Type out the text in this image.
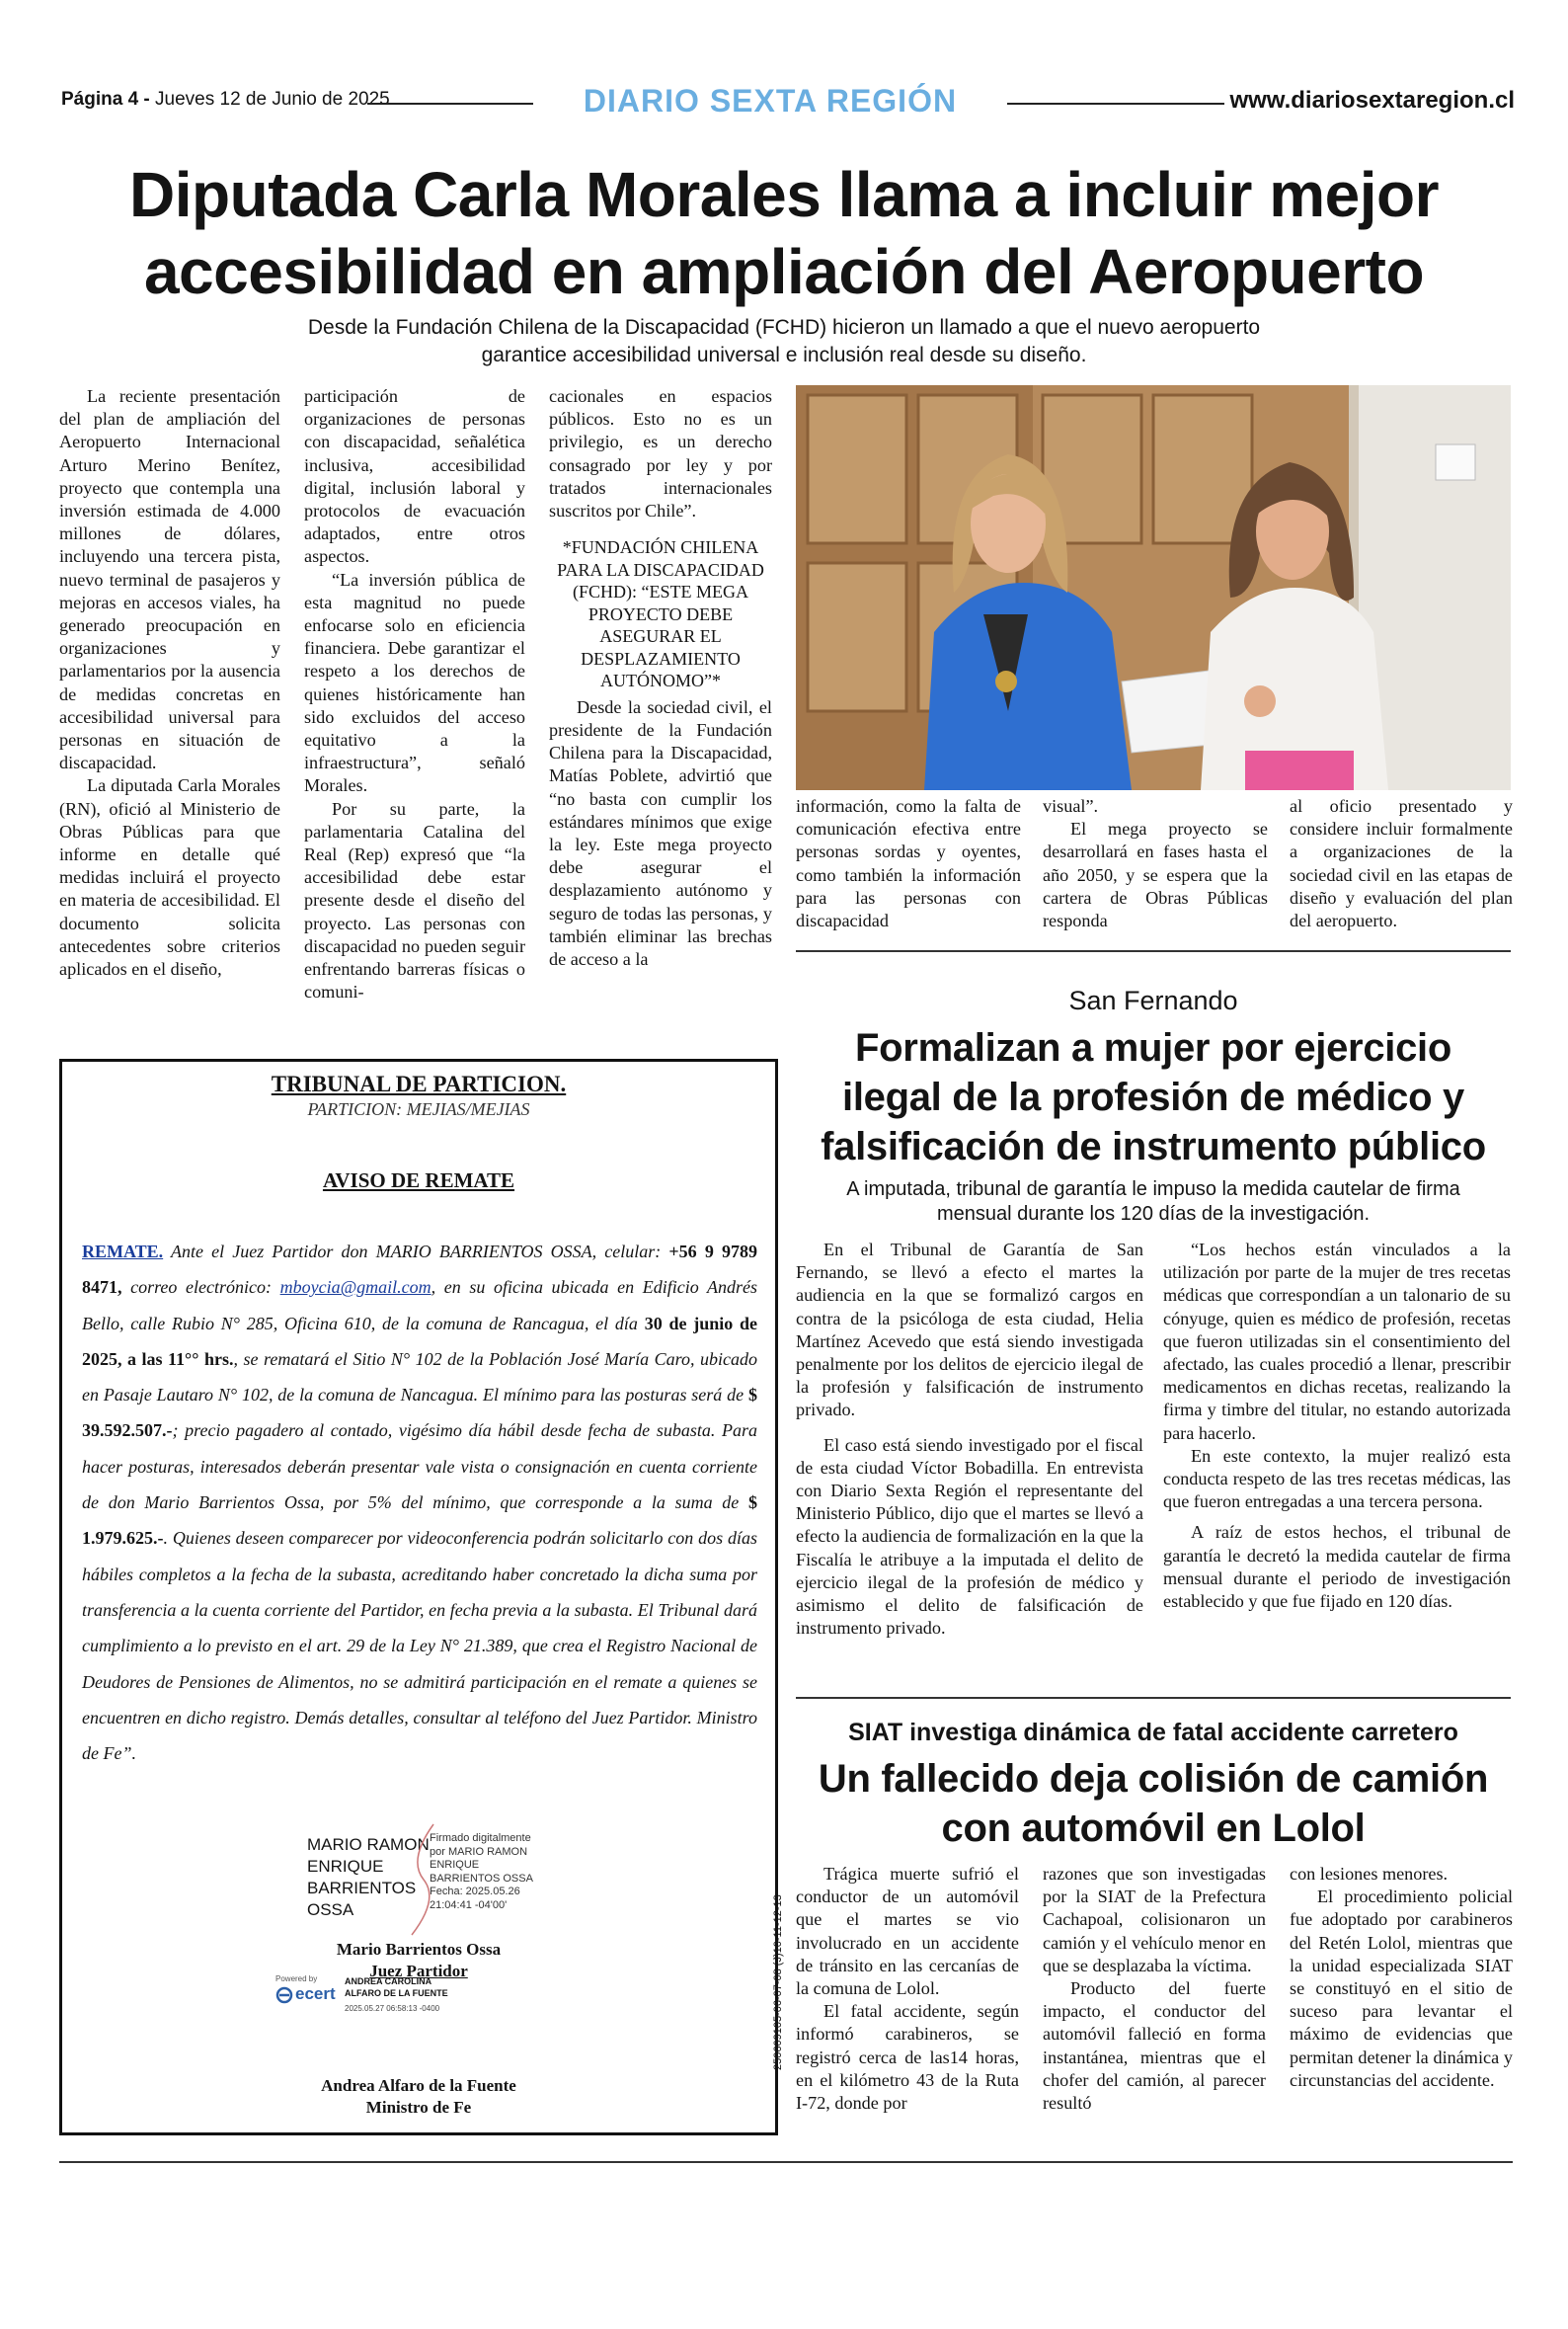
Página 4 - Jueves 12 de Junio de 2025	DIARIO SEXTA REGIÓN	www.diariosextaregion.cl
Diputada Carla Morales llama a incluir mejor
accesibilidad en ampliación del Aeropuerto
Desde la Fundación Chilena de la Discapacidad (FCHD) hicieron un llamado a que el nuevo aeropuerto
garantice accesibilidad universal e inclusión real desde su diseño.

La reciente presentación del plan de ampliación del Aeropuerto Internacional Arturo Merino Benítez, proyecto que contempla una inversión estimada de 4.000 millones de dólares, incluyendo una tercera pista, nuevo terminal de pasajeros y mejoras en accesos viales, ha generado preocupación en organizaciones y parlamentarios por la ausencia de medidas concretas en accesibilidad universal para personas en situación de discapacidad.

La diputada Carla Morales (RN), ofició al Ministerio de Obras Públicas para que informe en detalle qué medidas incluirá el proyecto en materia de accesibilidad. El documento solicita antecedentes sobre criterios aplicados en el diseño,

participación de organizaciones de personas con discapacidad, señalética inclusiva, accesibilidad digital, inclusión laboral y protocolos de evacuación adaptados, entre otros aspectos.

“La inversión pública de esta magnitud no puede enfocarse solo en eficiencia financiera. Debe garantizar el respeto a los derechos de quienes históricamente han sido excluidos del acceso equitativo a la infraestructura”, señaló Morales.

Por su parte, la parlamentaria Catalina del Real (Rep) expresó que “la accesibilidad debe estar presente desde el diseño del proyecto. Las personas con discapacidad no pueden seguir enfrentando barreras físicas o comuni-

cacionales en espacios públicos. Esto no es un privilegio, es un derecho consagrado por ley y por tratados internacionales suscritos por Chile”.

*FUNDACIÓN CHILENA PARA LA DISCAPACIDAD (FCHD): “ESTE MEGA PROYECTO DEBE ASEGURAR EL DESPLAZAMIENTO AUTÓNOMO”*

Desde la sociedad civil, el presidente de la Fundación Chilena para la Discapacidad, Matías Poblete, advirtió que “no basta con cumplir los estándares mínimos que exige la ley. Este mega proyecto debe asegurar el desplazamiento autónomo y seguro de todas las personas, y también eliminar las brechas de acceso a la

información, como la falta de comunicación efectiva entre personas sordas y oyentes, como también la información para las personas con discapacidad

visual”.

El mega proyecto se desarrollará en fases hasta el año 2050, y se espera que la cartera de Obras Públicas responda

al oficio presentado y considere incluir formalmente a organizaciones de la sociedad civil en las etapas de diseño y evaluación del plan del aeropuerto.

TRIBUNAL DE PARTICION.
PARTICION: MEJIAS/MEJIAS
AVISO DE REMATE
REMATE. Ante el Juez Partidor don MARIO BARRIENTOS OSSA, celular: +56 9 9789 8471, correo electrónico: mboycia@gmail.com, en su oficina ubicada en Edificio Andrés Bello, calle Rubio N° 285, Oficina 610, de la comuna de Rancagua, el día 30 de junio de 2025, a las 11°° hrs., se rematará el Sitio N° 102 de la Población José María Caro, ubicado en Pasaje Lautaro N° 102, de la comuna de Nancagua. El mínimo para las posturas será de $ 39.592.507.-; precio pagadero al contado, vigésimo día hábil desde fecha de subasta. Para hacer posturas, interesados deberán presentar vale vista o consignación en cuenta corriente de don Mario Barrientos Ossa, por 5% del mínimo, que corresponde a la suma de $ 1.979.625.-. Quienes deseen comparecer por videoconferencia podrán solicitarlo con dos días hábiles completos a la fecha de la subasta, acreditando haber concretado la dicha suma por transferencia a la cuenta corriente del Partidor, en fecha previa a la subasta. El Tribunal dará cumplimiento a lo previsto en el art. 29 de la Ley N° 21.389, que crea el Registro Nacional de Deudores de Pensiones de Alimentos, no se admitirá participación en el remate a quienes se encuentren en dicho registro. Demás detalles, consultar al teléfono del Juez Partidor. Ministro de Fe”.
MARIO RAMON
ENRIQUE
BARRIENTOS
OSSA
Firmado digitalmente
por MARIO RAMON
ENRIQUE
BARRIENTOS OSSA
Fecha: 2025.05.26
21:04:41 -04'00'
Mario Barrientos Ossa
Juez Partidor
Powered by
ecert
ANDREA CAROLINA
ALFARO DE LA FUENTE
2025.05.27 06:58:13 -0400
Andrea Alfaro de la Fuente
Ministro de Fe
San Fernando
Formalizan a mujer por ejercicio
ilegal de la profesión de médico y
falsificación de instrumento público
A imputada, tribunal de garantía le impuso la medida cautelar de firma
mensual durante los 120 días de la investigación.

En el Tribunal de Garantía de San Fernando, se llevó a efecto el martes la audiencia en la que se formalizó cargos en contra de la psicóloga de esta ciudad, Helia Martínez Acevedo que está siendo investigada penalmente por los delitos de ejercicio ilegal de la profesión y falsificación de instrumento privado.

El caso está siendo investigado por el fiscal de esta ciudad Víctor Bobadilla. En entrevista con Diario Sexta Región el representante del Ministerio Público, dijo que el martes se llevó a efecto la audiencia de formalización en la que la Fiscalía le atribuye a la imputada el delito de ejercicio ilegal de la profesión de médico y asimismo el delito de falsificación de instrumento privado.

“Los hechos están vinculados a la utilización por parte de la mujer de tres recetas médicas que correspondían a un talonario de su cónyuge, quien es médico de profesión, recetas que fueron utilizadas sin el consentimiento del afectado, las cuales procedió a llenar, prescribir medicamentos en dichas recetas, realizando la firma y timbre del titular, no estando autorizada para hacerlo.

En este contexto, la mujer realizó esta conducta respeto de las tres recetas médicas, las que fueron entregadas a una tercera persona.

A raíz de estos hechos, el tribunal de garantía le decretó la medida cautelar de firma mensual durante el periodo de investigación establecido y que fue fijado en 120 días.

SIAT investiga dinámica de fatal accidente carretero
Un fallecido deja colisión de camión
con automóvil en Lolol
250609105-06-07-08 (J)10-11-12-13

Trágica muerte sufrió el conductor de un automóvil que el martes se vio involucrado en un accidente de tránsito en las cercanías de la comuna de Lolol.

El fatal accidente, según informó carabineros, se registró cerca de las14 horas, en el kilómetro 43 de la Ruta I-72, donde por

razones que son investigadas por la SIAT de la Prefectura Cachapoal, colisionaron un camión y el vehículo menor en que se desplazaba la víctima.

Producto del fuerte impacto, el conductor del automóvil falleció en forma instantánea, mientras que el chofer del camión, al parecer resultó

con lesiones menores.

El procedimiento policial fue adoptado por carabineros del Retén Lolol, mientras que la unidad especializada SIAT se constituyó en el sitio de suceso para levantar el máximo de evidencias que permitan detener la dinámica y circunstancias del accidente.
